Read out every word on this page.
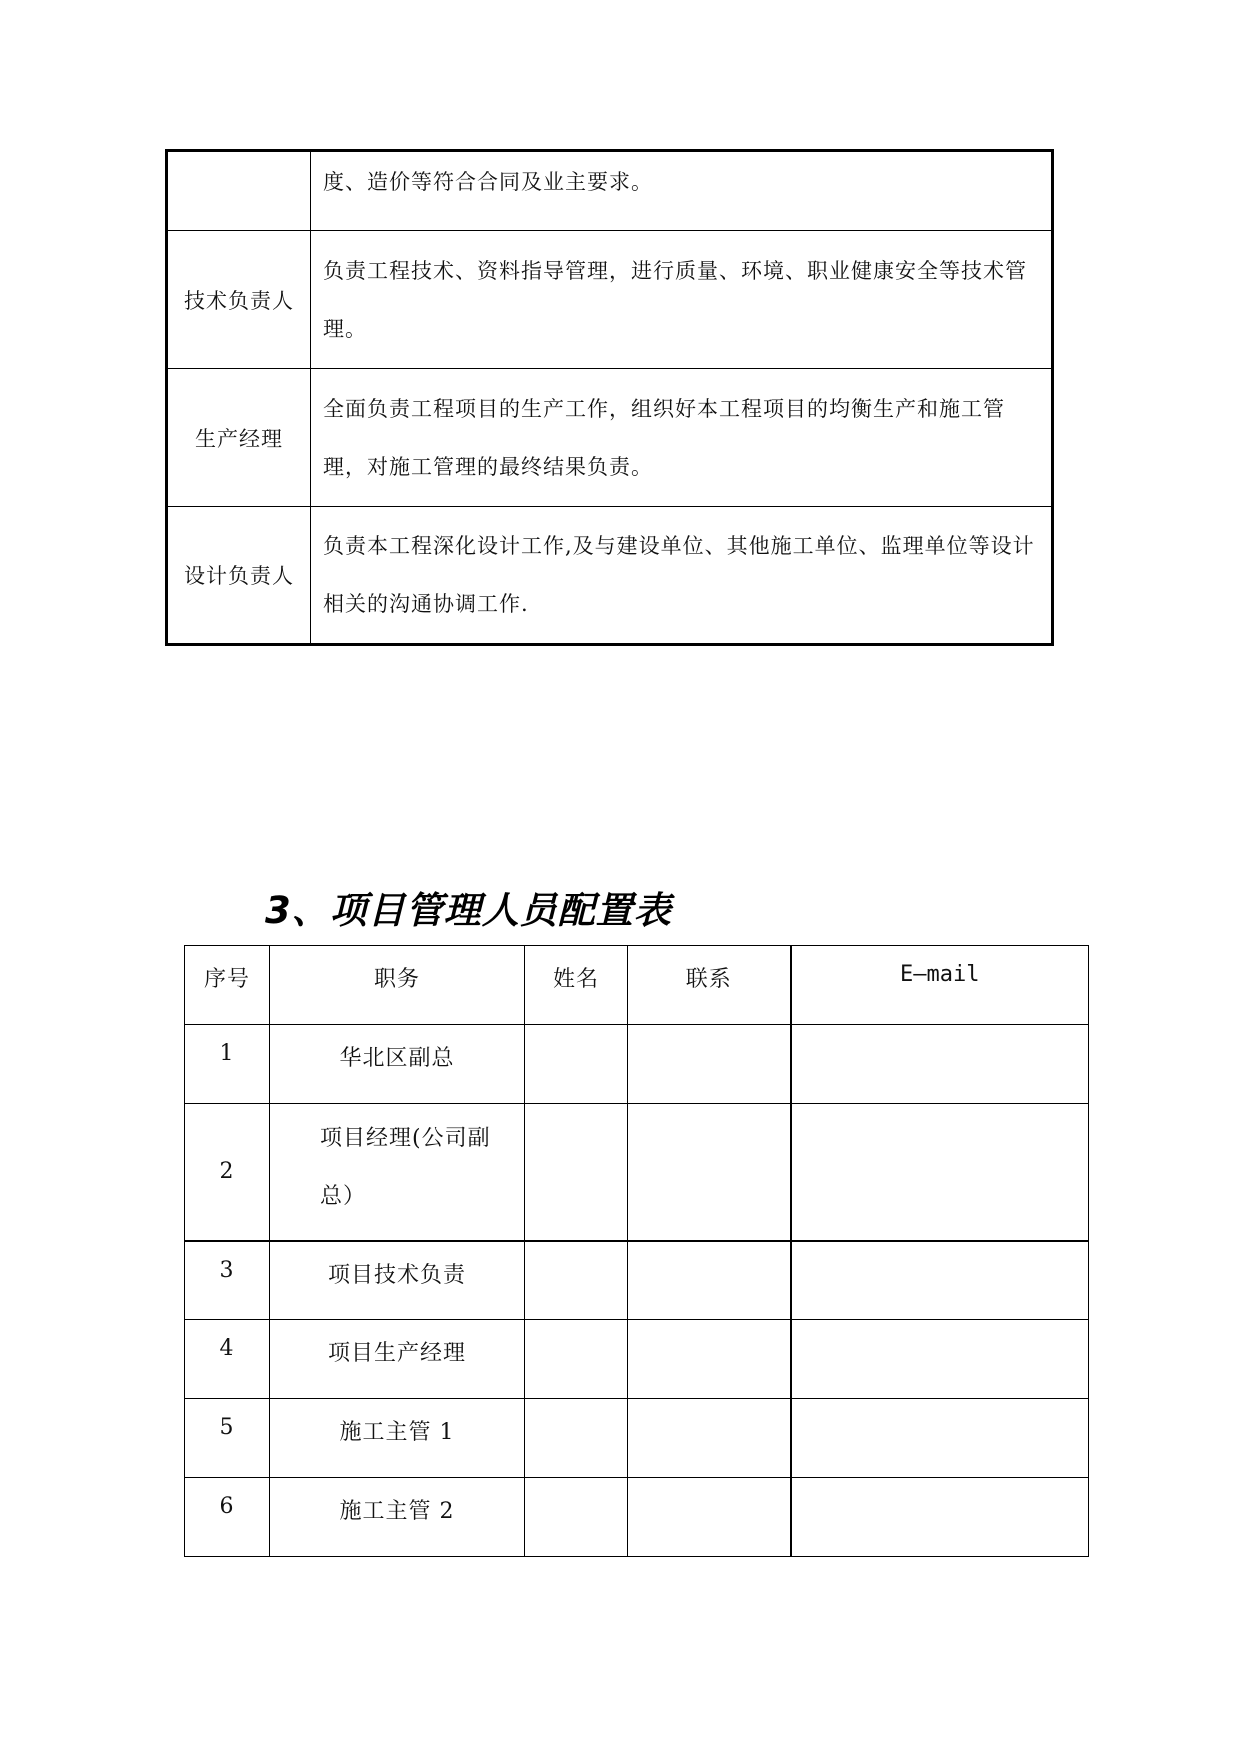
	度、造价等符合合同及业主要求。
技术负责人	负责工程技术、资料指导管理，进行质量、环境、职业健康安全等技术管理。
生产经理	全面负责工程项目的生产工作，组织好本工程项目的均衡生产和施工管理，对施工管理的最终结果负责。
设计负责人	负责本工程深化设计工作,及与建设单位、其他施工单位、监理单位等设计相关的沟通协调工作.
3、项目管理人员配置表
序号	职务	姓名	联系	E—mail
1	华北区副总			
2	项目经理(公司副总）			
3	项目技术负责			
4	项目生产经理			
5	施工主管 1			
6	施工主管 2			
